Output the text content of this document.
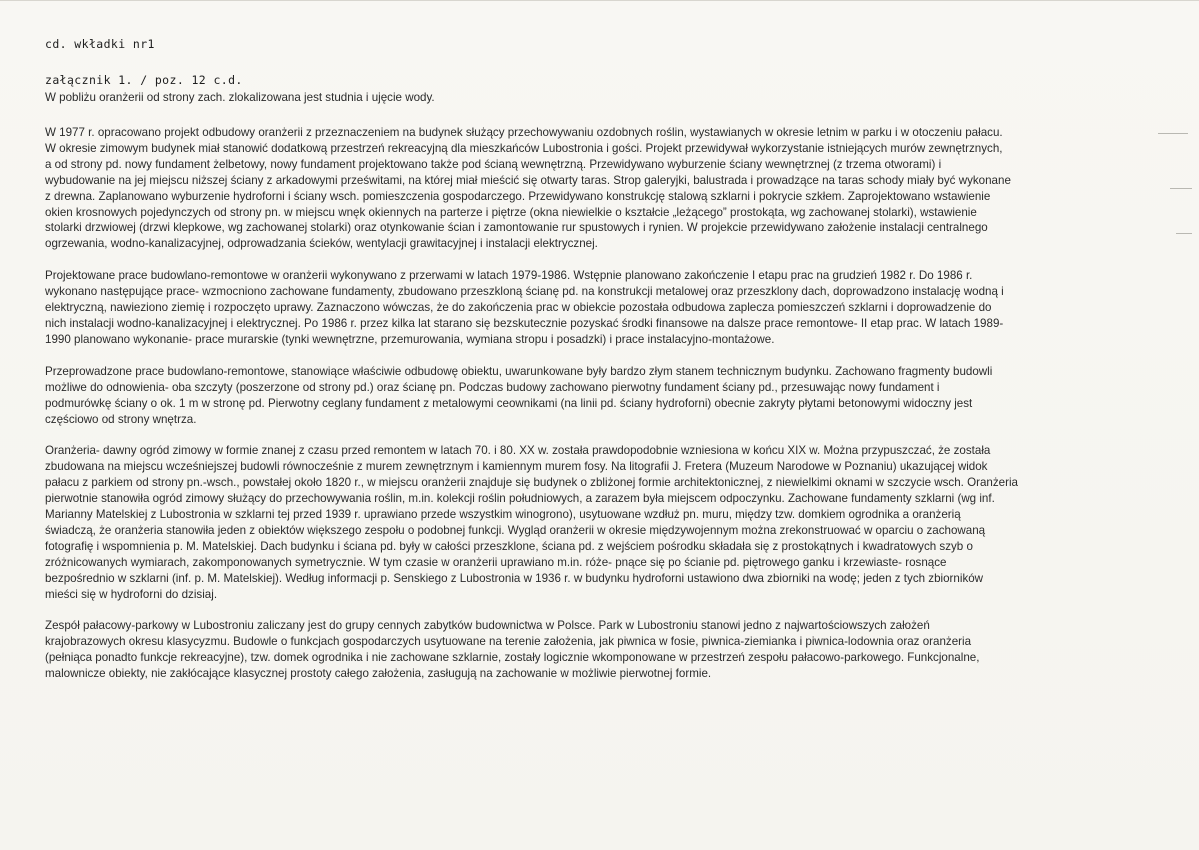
cd. wkładki nr1

załącznik 1. / poz. 12 c.d.

W pobliżu oranżerii od strony zach. zlokalizowana jest studnia i ujęcie wody.

W 1977 r. opracowano projekt odbudowy oranżerii z przeznaczeniem na budynek służący przechowywaniu ozdobnych roślin, wystawianych w okresie letnim w parku i w otoczeniu pałacu.
W okresie zimowym budynek miał stanowić dodatkową przestrzeń rekreacyjną dla mieszkańców Lubostronia i gości. Projekt przewidywał wykorzystanie istniejących murów zewnętrznych,
a od strony pd. nowy fundament żelbetowy, nowy fundament projektowano także pod ścianą wewnętrzną. Przewidywano wyburzenie ściany wewnętrznej (z trzema otworami) i
wybudowanie na jej miejscu niższej ściany z arkadowymi prześwitami, na której miał mieścić się otwarty taras. Strop galeryjki, balustrada i prowadzące na taras schody miały być wykonane
z drewna. Zaplanowano wyburzenie hydroforni i ściany wsch. pomieszczenia gospodarczego. Przewidywano konstrukcję stalową szklarni i pokrycie szkłem. Zaprojektowano wstawienie
okien krosnowych pojedynczych od strony pn. w miejscu wnęk okiennych na parterze i piętrze (okna niewielkie o kształcie „leżącego” prostokąta, wg zachowanej stolarki), wstawienie
stolarki drzwiowej (drzwi klepkowe, wg zachowanej stolarki) oraz otynkowanie ścian i zamontowanie rur spustowych i rynien. W projekcie przewidywano założenie instalacji centralnego
ogrzewania, wodno-kanalizacyjnej, odprowadzania ścieków, wentylacji grawitacyjnej i instalacji elektrycznej.
Projektowane prace budowlano-remontowe w oranżerii wykonywano z przerwami w latach 1979-1986. Wstępnie planowano zakończenie I etapu prac na grudzień 1982 r. Do 1986 r.
wykonano następujące prace- wzmocniono zachowane fundamenty, zbudowano przeszkloną ścianę pd. na konstrukcji metalowej oraz przeszklony dach, doprowadzono instalację wodną i
elektryczną, nawieziono ziemię i rozpoczęto uprawy. Zaznaczono wówczas, że do zakończenia prac w obiekcie pozostała odbudowa zaplecza pomieszczeń szklarni i doprowadzenie do
nich instalacji wodno-kanalizacyjnej i elektrycznej. Po 1986 r. przez kilka lat starano się bezskutecznie pozyskać środki finansowe na dalsze prace remontowe- II etap prac. W latach 1989-
1990 planowano wykonanie- prace murarskie (tynki wewnętrzne, przemurowania, wymiana stropu i posadzki) i prace instalacyjno-montażowe.
Przeprowadzone prace budowlano-remontowe, stanowiące właściwie odbudowę obiektu, uwarunkowane były bardzo złym stanem technicznym budynku. Zachowano fragmenty budowli
możliwe do odnowienia- oba szczyty (poszerzone od strony pd.) oraz ścianę pn. Podczas budowy zachowano pierwotny fundament ściany pd., przesuwając nowy fundament i
podmurówkę ściany o ok. 1 m w stronę pd. Pierwotny ceglany fundament z metalowymi ceownikami (na linii pd. ściany hydroforni) obecnie zakryty płytami betonowymi widoczny jest
częściowo od strony wnętrza.
Oranżeria- dawny ogród zimowy w formie znanej z czasu przed remontem w latach 70. i 80. XX w. została prawdopodobnie wzniesiona w końcu XIX w. Można przypuszczać, że została
zbudowana na miejscu wcześniejszej budowli równocześnie z murem zewnętrznym i kamiennym murem fosy. Na litografii J. Fretera (Muzeum Narodowe w Poznaniu) ukazującej widok
pałacu z parkiem od strony pn.-wsch., powstałej około 1820 r., w miejscu oranżerii znajduje się budynek o zbliżonej formie architektonicznej, z niewielkimi oknami w szczycie wsch. Oranżeria
pierwotnie stanowiła ogród zimowy służący do przechowywania roślin, m.in. kolekcji roślin południowych, a zarazem była miejscem odpoczynku. Zachowane fundamenty szklarni (wg inf.
Marianny Matelskiej z Lubostronia w szklarni tej przed 1939 r. uprawiano przede wszystkim winogrono), usytuowane wzdłuż pn. muru, między tzw. domkiem ogrodnika a oranżerią
świadczą, że oranżeria stanowiła jeden z obiektów większego zespołu o podobnej funkcji. Wygląd oranżerii w okresie międzywojennym można zrekonstruować w oparciu o zachowaną
fotografię i wspomnienia p. M. Matelskiej. Dach budynku i ściana pd. były w całości przeszklone, ściana pd. z wejściem pośrodku składała się z prostokątnych i kwadratowych szyb o
zróżnicowanych wymiarach, zakomponowanych symetrycznie. W tym czasie w oranżerii uprawiano m.in. róże- pnące się po ścianie pd. piętrowego ganku i krzewiaste- rosnące
bezpośrednio w szklarni (inf. p. M. Matelskiej). Według informacji p. Senskiego z Lubostronia w 1936 r. w budynku hydroforni ustawiono dwa zbiorniki na wodę; jeden z tych zbiorników
mieści się w hydroforni do dzisiaj.
Zespół pałacowy-parkowy w Lubostroniu zaliczany jest do grupy cennych zabytków budownictwa w Polsce. Park w Lubostroniu stanowi jedno z najwartościowszych założeń
krajobrazowych okresu klasycyzmu. Budowle o funkcjach gospodarczych usytuowane na terenie założenia, jak piwnica w fosie, piwnica-ziemianka i piwnica-lodownia oraz oranżeria
(pełniąca ponadto funkcje rekreacyjne), tzw. domek ogrodnika i nie zachowane szklarnie, zostały logicznie wkomponowane w przestrzeń zespołu pałacowo-parkowego. Funkcjonalne,
malownicze obiekty, nie zakłócające klasycznej prostoty całego założenia, zasługują na zachowanie w możliwie pierwotnej formie.
